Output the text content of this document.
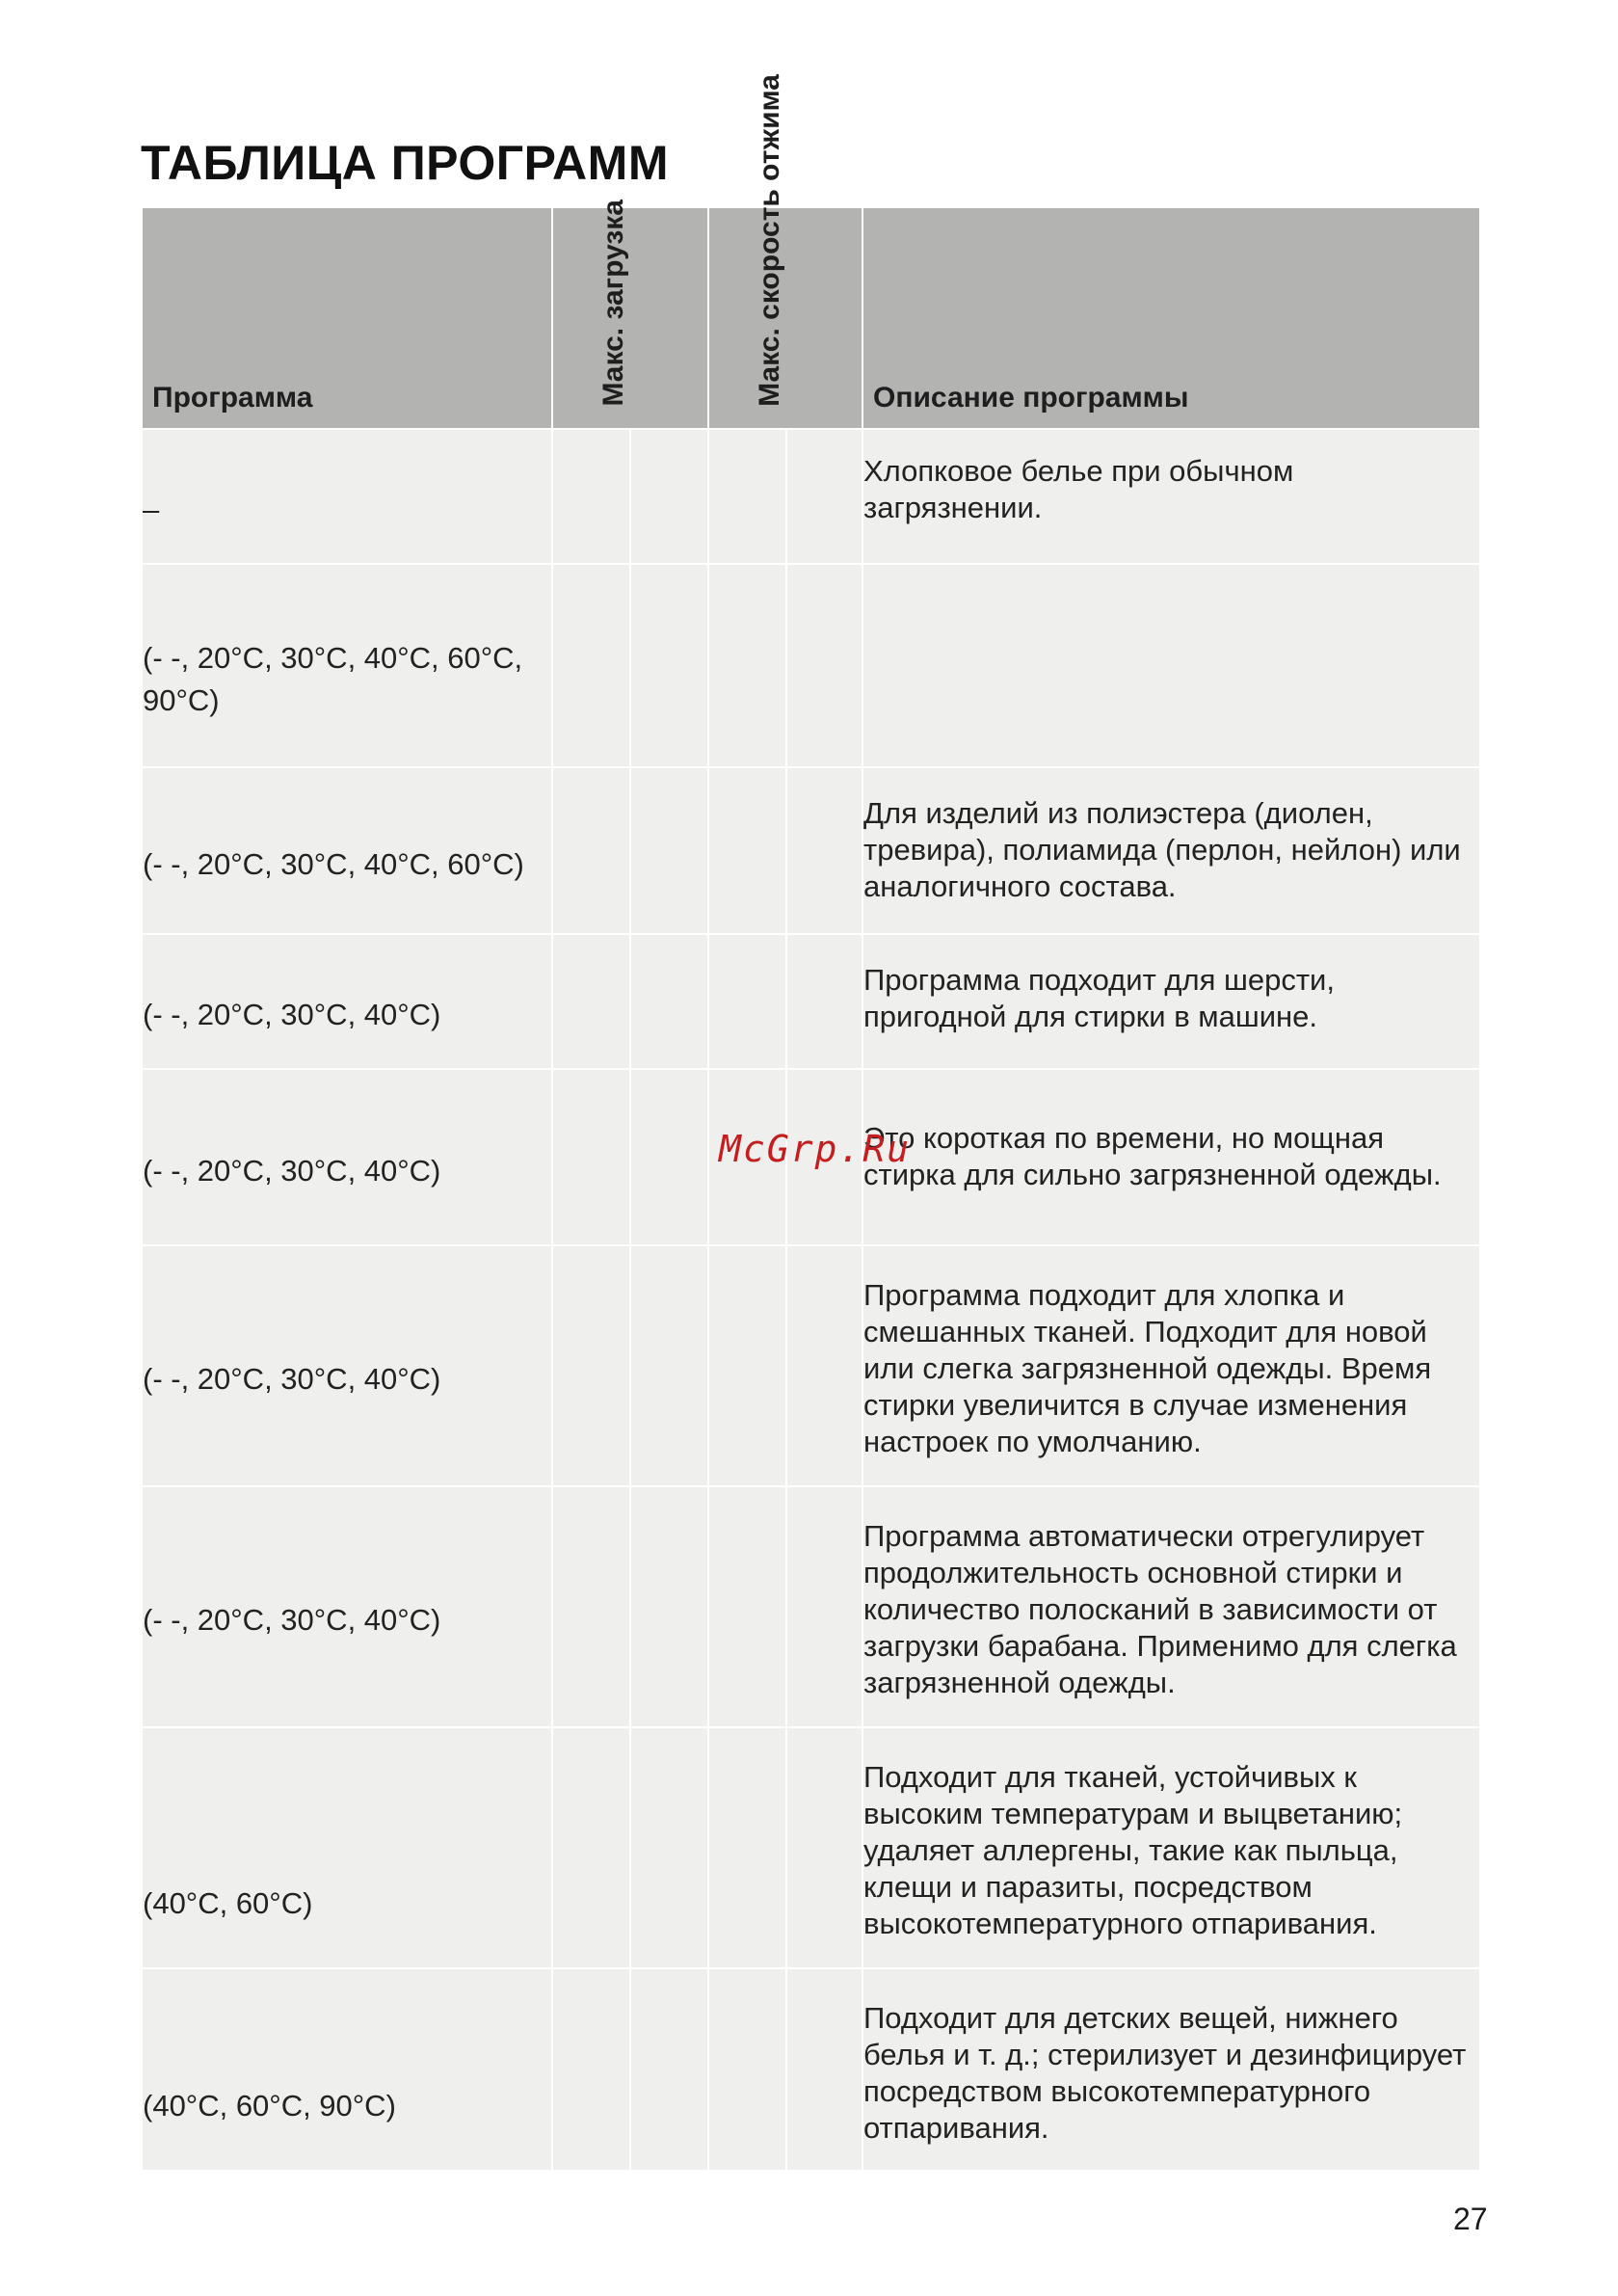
ТАБЛИЦА ПРОГРАММ
Программа	Макс. загрузка		Макс. скорость отжима		Описание программы

–					Хлопковое белье при обычном загрязнении.

(- -, 20°C, 30°C, 40°C, 60°C, 90°C)					

(- -, 20°C, 30°C, 40°C, 60°C)					Для изделий из полиэстера (диолен, тревира), полиамида (перлон, нейлон) или аналогичного состава.

(- -, 20°C, 30°C, 40°C)					Программа подходит для шерсти, пригодной для стирки в машине.

(- -, 20°C, 30°C, 40°C)					Это короткая по времени, но мощная стирка для сильно загрязненной одежды.

(- -, 20°C, 30°C, 40°C)					Программа подходит для хлопка и смешанных тканей. Подходит для новой или слегка загрязненной одежды. Время стирки увеличится в случае изменения настроек по умолчанию.

(- -, 20°C, 30°C, 40°C)					Программа автоматически отрегулирует продолжительность основной стирки и количество полосканий в зависимости от загрузки барабана. Применимо для слегка загрязненной одежды.

(40°C, 60°C)					Подходит для тканей, устойчивых к высоким температурам и выцветанию; удаляет аллергены, такие как пыльца, клещи и паразиты, посредством высокотемпературного отпаривания.

(40°C, 60°C, 90°C)					Подходит для детских вещей, нижнего белья и т. д.; стерилизует и дезинфицирует посредством высокотемпературного отпаривания.
McGrp.Ru
27
